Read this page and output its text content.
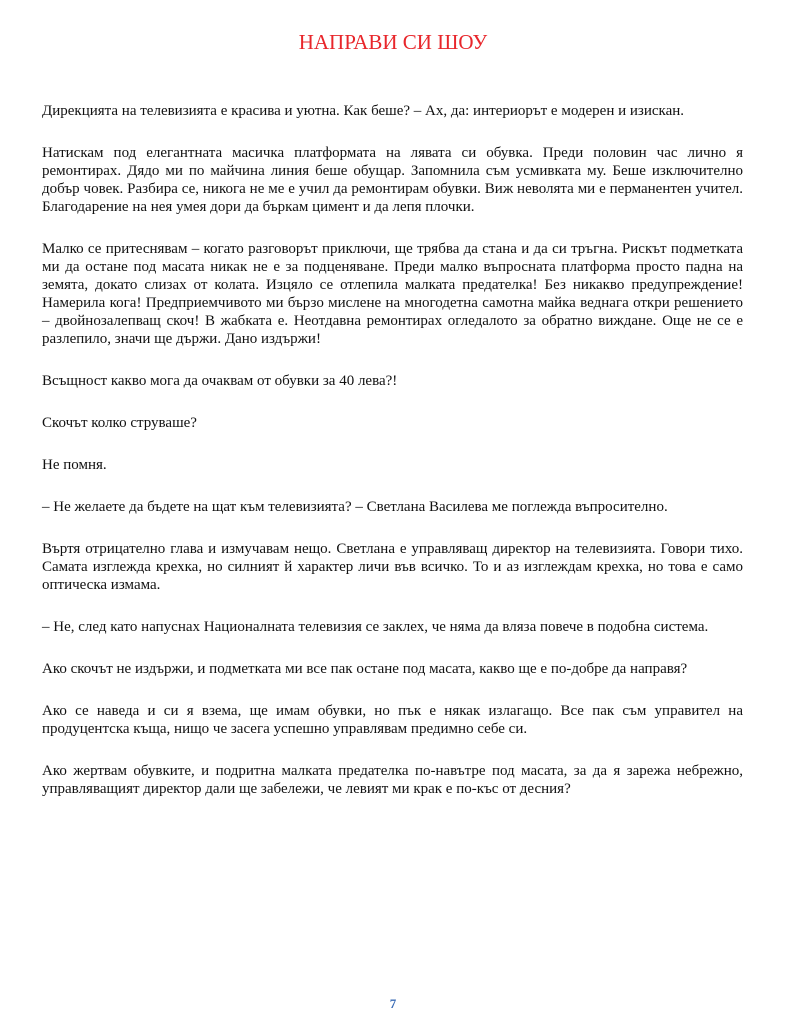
НАПРАВИ СИ ШОУ

Дирекцията на телевизията е красива и уютна. Как беше? – Ах, да: интериорът е модерен и изискан.

Натискам под елегантната масичка платформата на лявата си обувка. Преди половин час лично я ремонтирах. Дядо ми по майчина линия беше обущар. Запомнила съм усмивката му. Беше изключително добър човек. Разбира се, никога не ме е учил да ремонтирам обувки. Виж неволята ми е перманентен учител. Благодарение на нея умея дори да бъркам цимент и да лепя плочки.

Малко се притеснявам – когато разговорът приключи, ще трябва да стана и да си тръгна. Рискът подметката ми да остане под масата никак не е за подценяване. Преди малко въпросната платформа просто падна на земята, докато слизах от колата. Изцяло се отлепила малката предателка! Без никакво предупреждение! Намерила кога! Предприемчивото ми бързо мислене на многодетна самотна майка веднага откри решението – двойнозалепващ скоч! В жабката е. Неотдавна ремонтирах огледалото за обратно виждане. Още не се е разлепило, значи ще държи. Дано издържи!

Всъщност какво мога да очаквам от обувки за 40 лева?!

Скочът колко струваше?

Не помня.

– Не желаете да бъдете на щат към телевизията? – Светлана Василева ме поглежда въпросително.

Въртя отрицателно глава и измучавам нещо. Светлана е управляващ директор на телевизията. Говори тихо. Самата изглежда крехка, но силният й характер личи във всичко. То и аз изглеждам крехка, но това е само оптическа измама.

– Не, след като напуснах Националната телевизия се заклех, че няма да вляза повече в подобна система.

Ако скочът не издържи, и подметката ми все пак остане под масата, какво ще е по-добре да направя?

Ако се наведа и си я взема, ще имам обувки, но пък е някак излагащо. Все пак съм управител на продуцентска къща, нищо че засега успешно управлявам предимно себе си.

Ако жертвам обувките, и подритна малката предателка по-навътре под масата, за да я зарежа небрежно, управляващият директор дали ще забележи, че левият ми крак е по-къс от десния?

7
